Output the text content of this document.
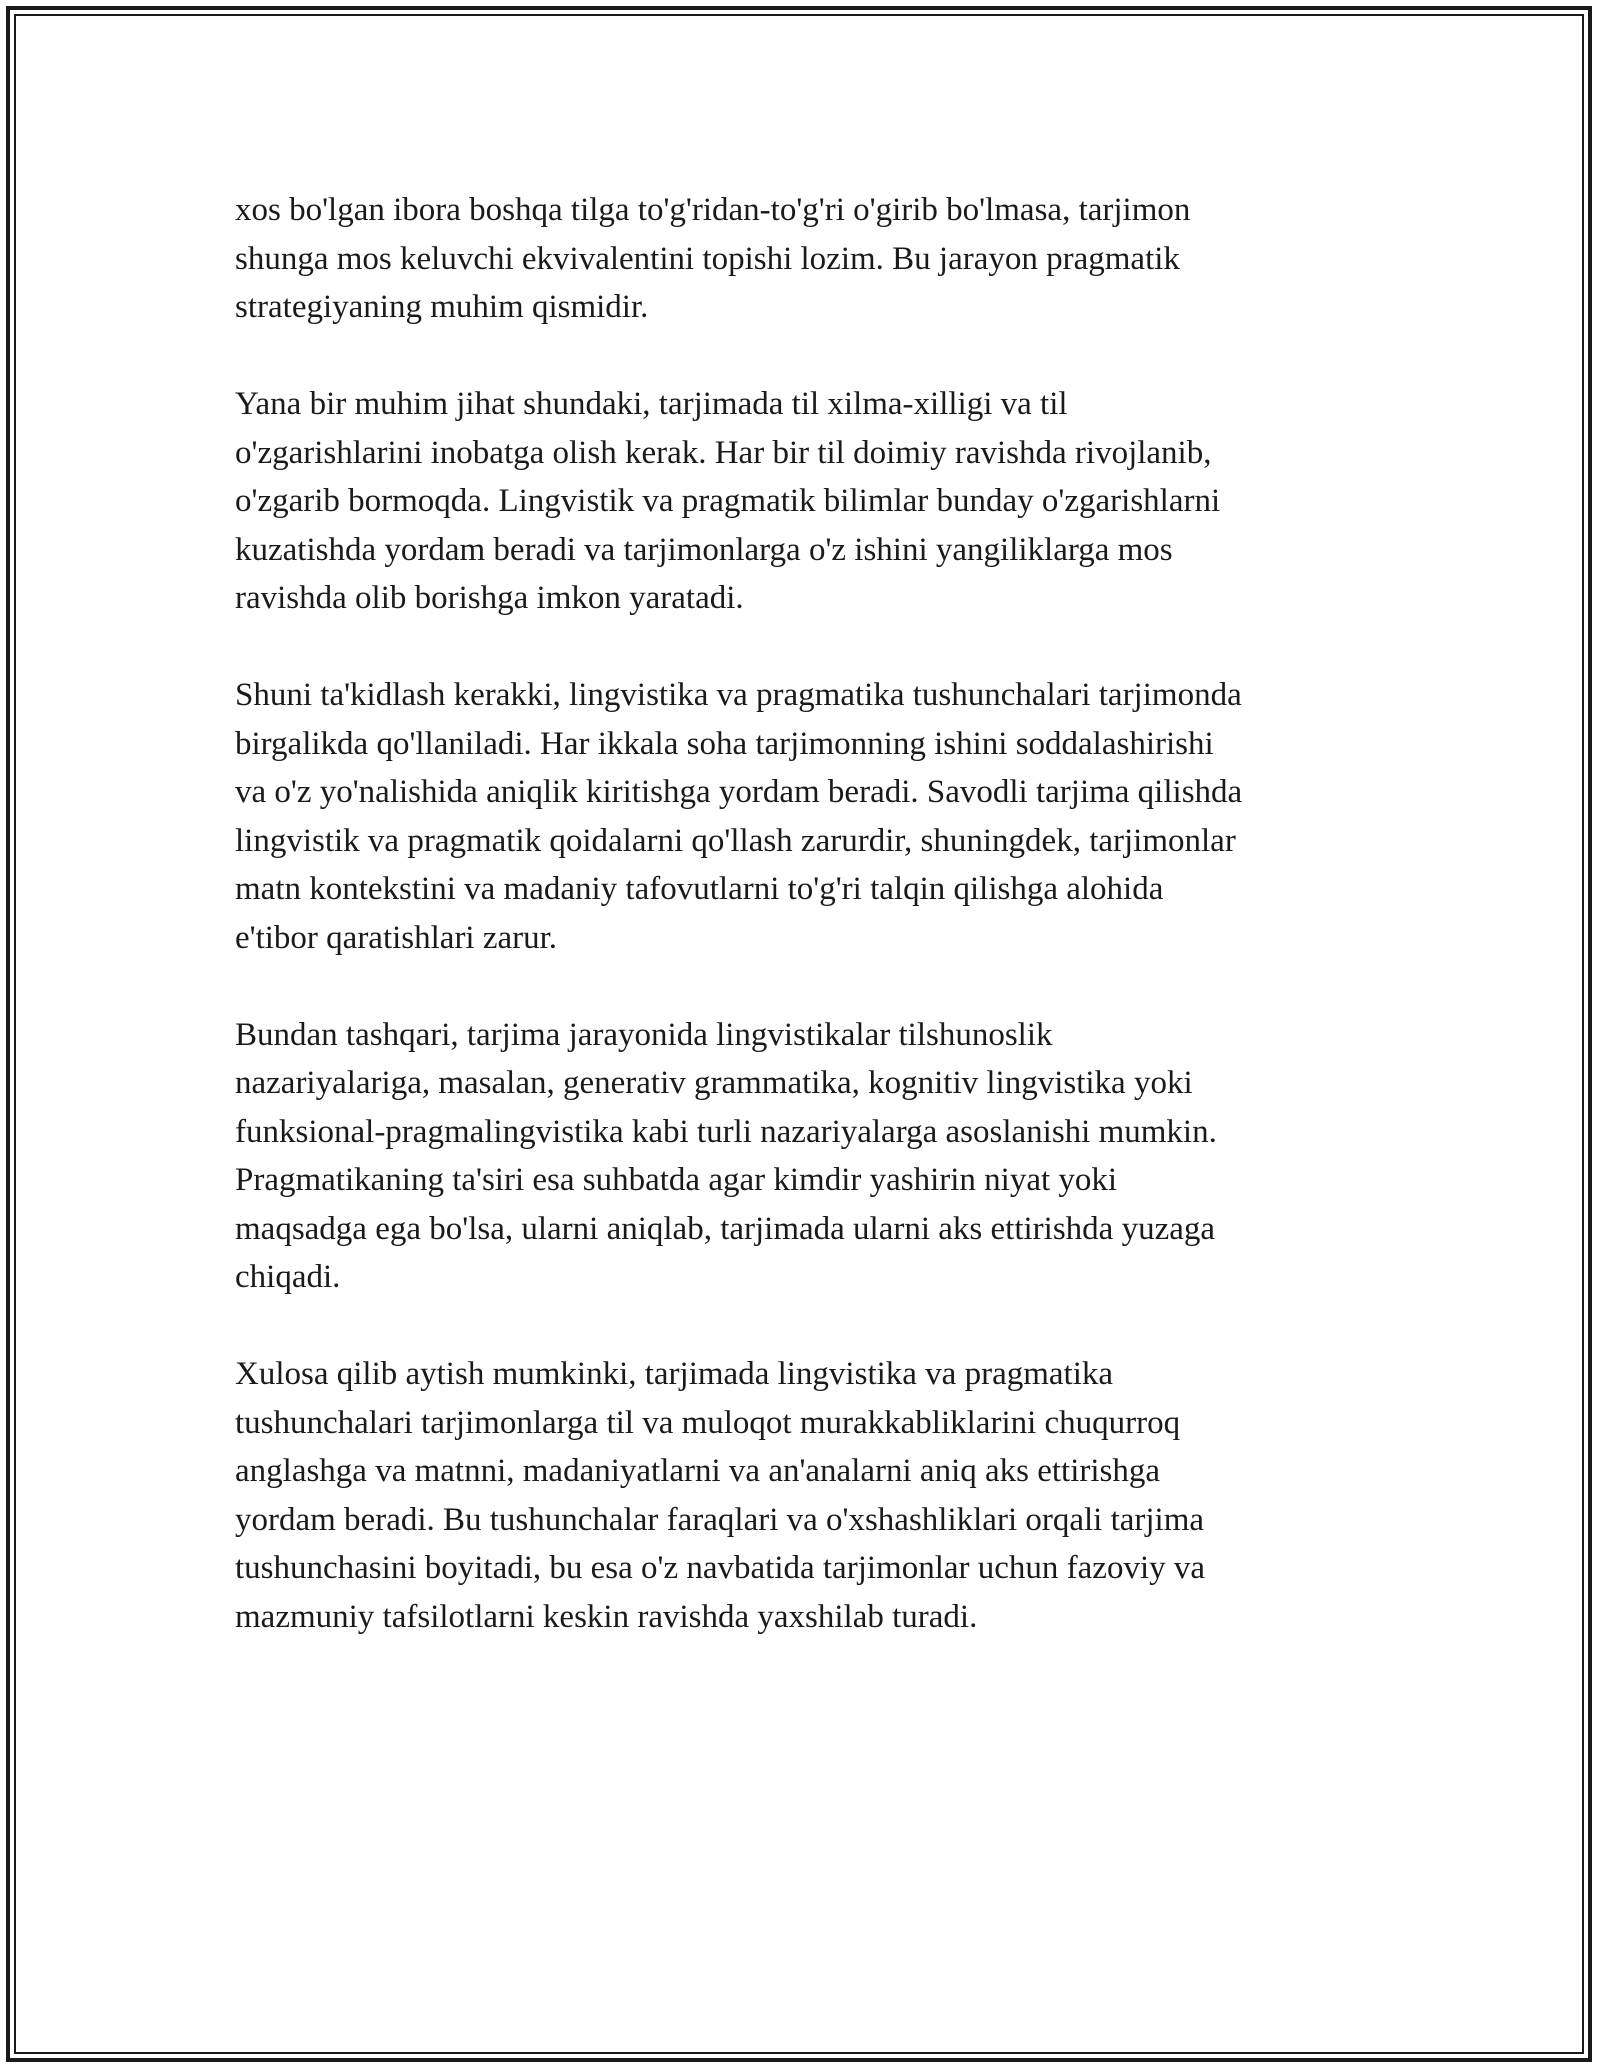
xos bo'lgan ibora boshqa tilga to'g'ridan-to'g'ri o'girib bo'lmasa, tarjimon
shunga mos keluvchi ekvivalentini topishi lozim. Bu jarayon pragmatik
strategiyaning muhim qismidir.

Yana bir muhim jihat shundaki, tarjimada til xilma-xilligi va til
o'zgarishlarini inobatga olish kerak. Har bir til doimiy ravishda rivojlanib,
o'zgarib bormoqda. Lingvistik va pragmatik bilimlar bunday o'zgarishlarni
kuzatishda yordam beradi va tarjimonlarga o'z ishini yangiliklarga mos
ravishda olib borishga imkon yaratadi.

Shuni ta'kidlash kerakki, lingvistika va pragmatika tushunchalari tarjimonda
birgalikda qo'llaniladi. Har ikkala soha tarjimonning ishini soddalashirishi
va o'z yo'nalishida aniqlik kiritishga yordam beradi. Savodli tarjima qilishda
lingvistik va pragmatik qoidalarni qo'llash zarurdir, shuningdek, tarjimonlar
matn kontekstini va madaniy tafovutlarni to'g'ri talqin qilishga alohida
e'tibor qaratishlari zarur.

Bundan tashqari, tarjima jarayonida lingvistikalar tilshunoslik
nazariyalariga, masalan, generativ grammatika, kognitiv lingvistika yoki
funksional-pragmalingvistika kabi turli nazariyalarga asoslanishi mumkin.
Pragmatikaning ta'siri esa suhbatda agar kimdir yashirin niyat yoki
maqsadga ega bo'lsa, ularni aniqlab, tarjimada ularni aks ettirishda yuzaga
chiqadi.

Xulosa qilib aytish mumkinki, tarjimada lingvistika va pragmatika
tushunchalari tarjimonlarga til va muloqot murakkabliklarini chuqurroq
anglashga va matnni, madaniyatlarni va an'analarni aniq aks ettirishga
yordam beradi. Bu tushunchalar faraqlari va o'xshashliklari orqali tarjima
tushunchasini boyitadi, bu esa o'z navbatida tarjimonlar uchun fazoviy va
mazmuniy tafsilotlarni keskin ravishda yaxshilab turadi.
